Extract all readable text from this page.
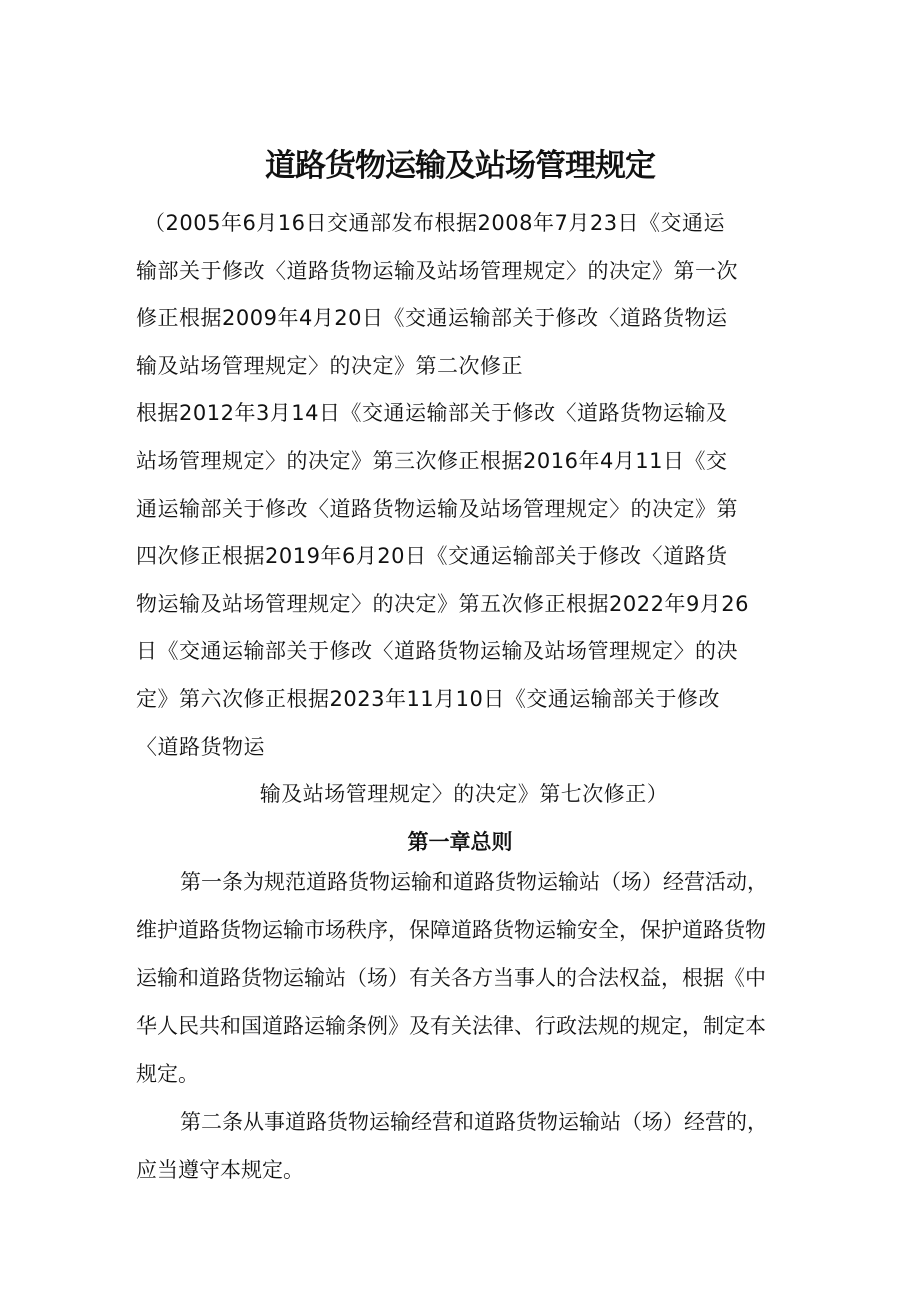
道路货物运输及站场管理规定
（2005年6月16日交通部发布根据2008年7月23日《交通运
输部关于修改〈道路货物运输及站场管理规定〉的决定》第一次
修正根据2009年4月20日《交通运输部关于修改〈道路货物运
输及站场管理规定〉的决定》第二次修正
根据2012年3月14日《交通运输部关于修改〈道路货物运输及
站场管理规定〉的决定》第三次修正根据2016年4月11日《交
通运输部关于修改〈道路货物运输及站场管理规定〉的决定》第
四次修正根据2019年6月20日《交通运输部关于修改〈道路货
物运输及站场管理规定〉的决定》第五次修正根据2022年9月26
日《交通运输部关于修改〈道路货物运输及站场管理规定〉的决
定》第六次修正根据2023年11月10日《交通运输部关于修改
〈道路货物运
输及站场管理规定〉的决定》第七次修正）
第一章总则
第一条为规范道路货物运输和道路货物运输站（场）经营活动，
维护道路货物运输市场秩序，保障道路货物运输安全，保护道路货物
运输和道路货物运输站（场）有关各方当事人的合法权益，根据《中
华人民共和国道路运输条例》及有关法律、行政法规的规定，制定本
规定。
第二条从事道路货物运输经营和道路货物运输站（场）经营的，
应当遵守本规定。
